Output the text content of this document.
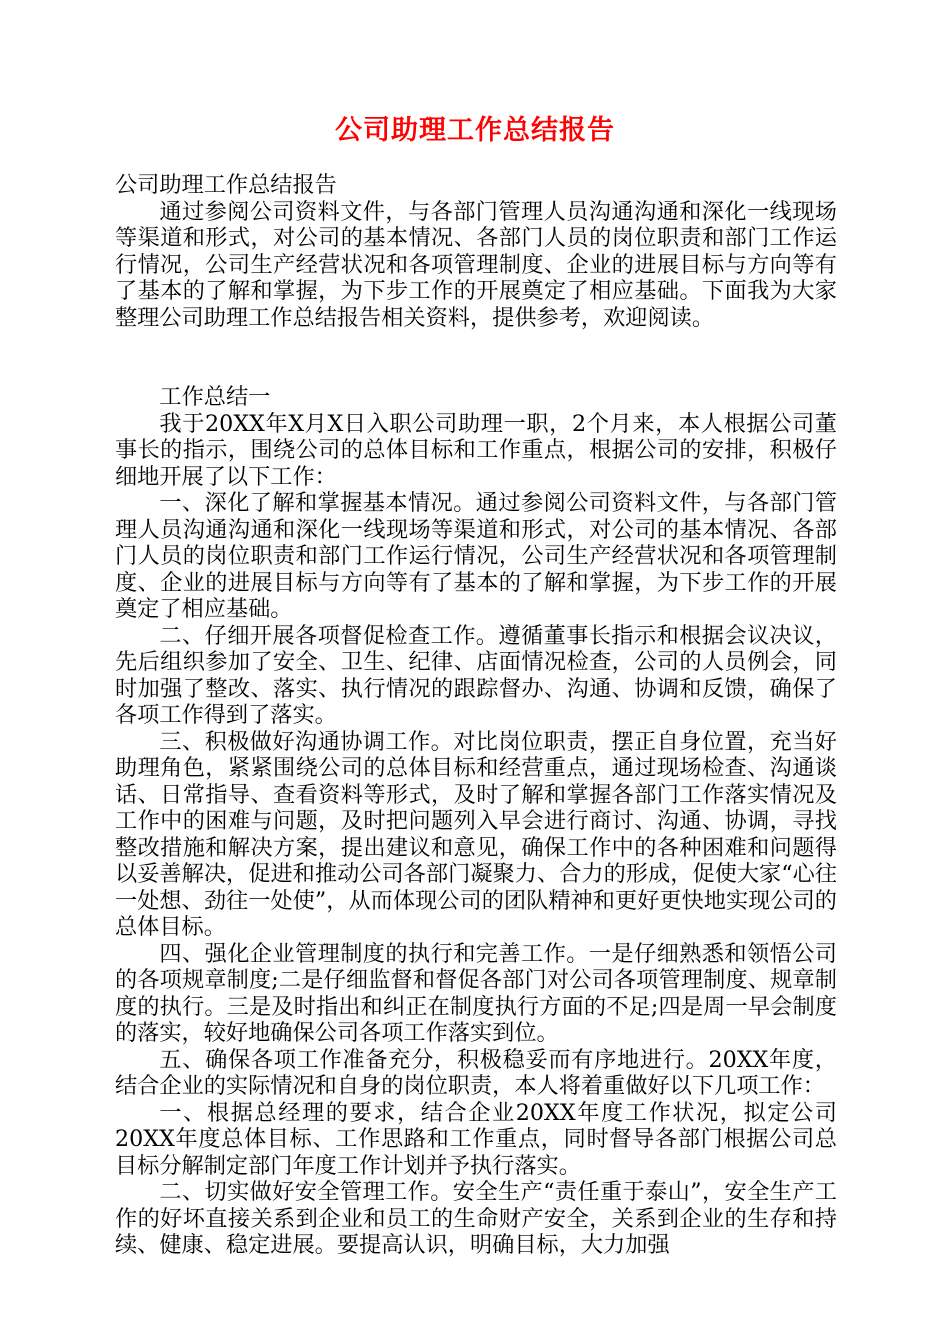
公司助理工作总结报告

公司助理工作总结报告

通过参阅公司资料文件，与各部门管理人员沟通沟通和深化一线现场等渠道和形式，对公司的基本情况、各部门人员的岗位职责和部门工作运行情况，公司生产经营状况和各项管理制度、企业的进展目标与方向等有了基本的了解和掌握，为下步工作的开展奠定了相应基础。下面我为大家整理公司助理工作总结报告相关资料，提供参考，欢迎阅读。

工作总结一

我于20XX年X月X日入职公司助理一职，2个月来，本人根据公司董事长的指示，围绕公司的总体目标和工作重点，根据公司的安排，积极仔细地开展了以下工作：

一、深化了解和掌握基本情况。通过参阅公司资料文件，与各部门管理人员沟通沟通和深化一线现场等渠道和形式，对公司的基本情况、各部门人员的岗位职责和部门工作运行情况，公司生产经营状况和各项管理制度、企业的进展目标与方向等有了基本的了解和掌握，为下步工作的开展奠定了相应基础。

二、仔细开展各项督促检查工作。遵循董事长指示和根据会议决议，先后组织参加了安全、卫生、纪律、店面情况检查，公司的人员例会，同时加强了整改、落实、执行情况的跟踪督办、沟通、协调和反馈，确保了各项工作得到了落实。

三、积极做好沟通协调工作。对比岗位职责，摆正自身位置，充当好助理角色，紧紧围绕公司的总体目标和经营重点，通过现场检查、沟通谈话、日常指导、查看资料等形式，及时了解和掌握各部门工作落实情况及工作中的困难与问题，及时把问题列入早会进行商讨、沟通、协调，寻找整改措施和解决方案，提出建议和意见，确保工作中的各种困难和问题得以妥善解决，促进和推动公司各部门凝聚力、合力的形成，促使大家“心往一处想、劲往一处使”，从而体现公司的团队精神和更好更快地实现公司的总体目标。

四、强化企业管理制度的执行和完善工作。一是仔细熟悉和领悟公司的各项规章制度;二是仔细监督和督促各部门对公司各项管理制度、规章制度的执行。三是及时指出和纠正在制度执行方面的不足;四是周一早会制度的落实，较好地确保公司各项工作落实到位。

五、确保各项工作准备充分，积极稳妥而有序地进行。20XX年度，结合企业的实际情况和自身的岗位职责，本人将着重做好以下几项工作：

一、根据总经理的要求，结合企业20XX年度工作状况，拟定公司20XX年度总体目标、工作思路和工作重点，同时督导各部门根据公司总目标分解制定部门年度工作计划并予执行落实。

二、切实做好安全管理工作。安全生产“责任重于泰山”，安全生产工作的好坏直接关系到企业和员工的生命财产安全，关系到企业的生存和持续、健康、稳定进展。要提高认识，明确目标，大力加强
